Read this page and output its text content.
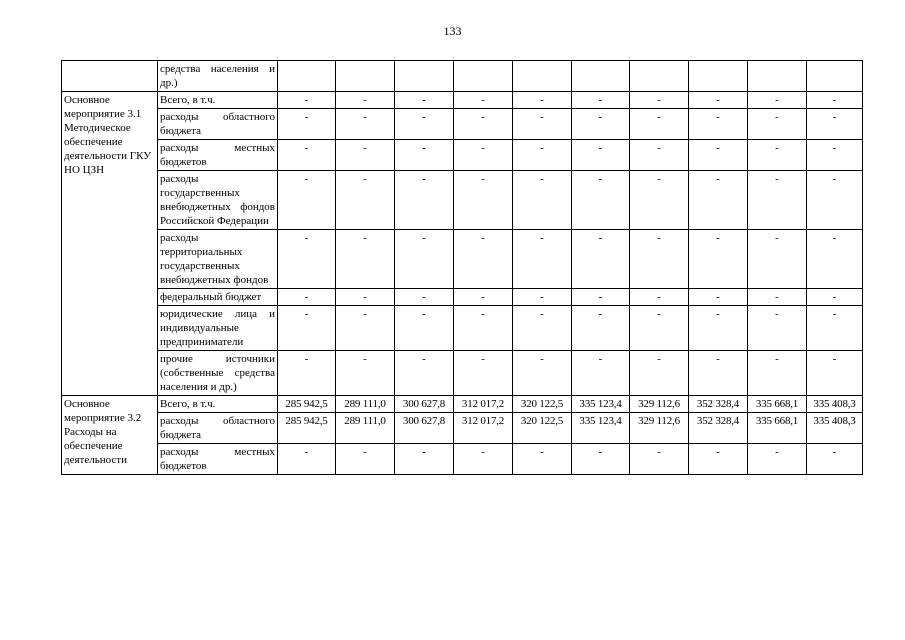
133
	средства населения и др.)										
Основное мероприятие 3.1 Методическое обеспечение деятельности ГКУ НО ЦЗН	Всего, в т.ч.	-	-	-	-	-	-	-	-	-	-
	расходы областного бюджета	-	-	-	-	-	-	-	-	-	-
	расходы местных бюджетов	-	-	-	-	-	-	-	-	-	-
	расходы государственных внебюджетных фондов Российской Федерации	-	-	-	-	-	-	-	-	-	-
	расходы территориальных государственных внебюджетных фондов	-	-	-	-	-	-	-	-	-	-
	федеральный бюджет	-	-	-	-	-	-	-	-	-	-
	юридические лица и индивидуальные предприниматели	-	-	-	-	-	-	-	-	-	-
	прочие источники (собственные средства населения и др.)	-	-	-	-	-	-	-	-	-	-
Основное мероприятие 3.2 Расходы на обеспечение деятельности	Всего, в т.ч.	285 942,5	289 111,0	300 627,8	312 017,2	320 122,5	335 123,4	329 112,6	352 328,4	335 668,1	335 408,3
	расходы областного бюджета	285 942,5	289 111,0	300 627,8	312 017,2	320 122,5	335 123,4	329 112,6	352 328,4	335 668,1	335 408,3
	расходы местных бюджетов	-	-	-	-	-	-	-	-	-	-
